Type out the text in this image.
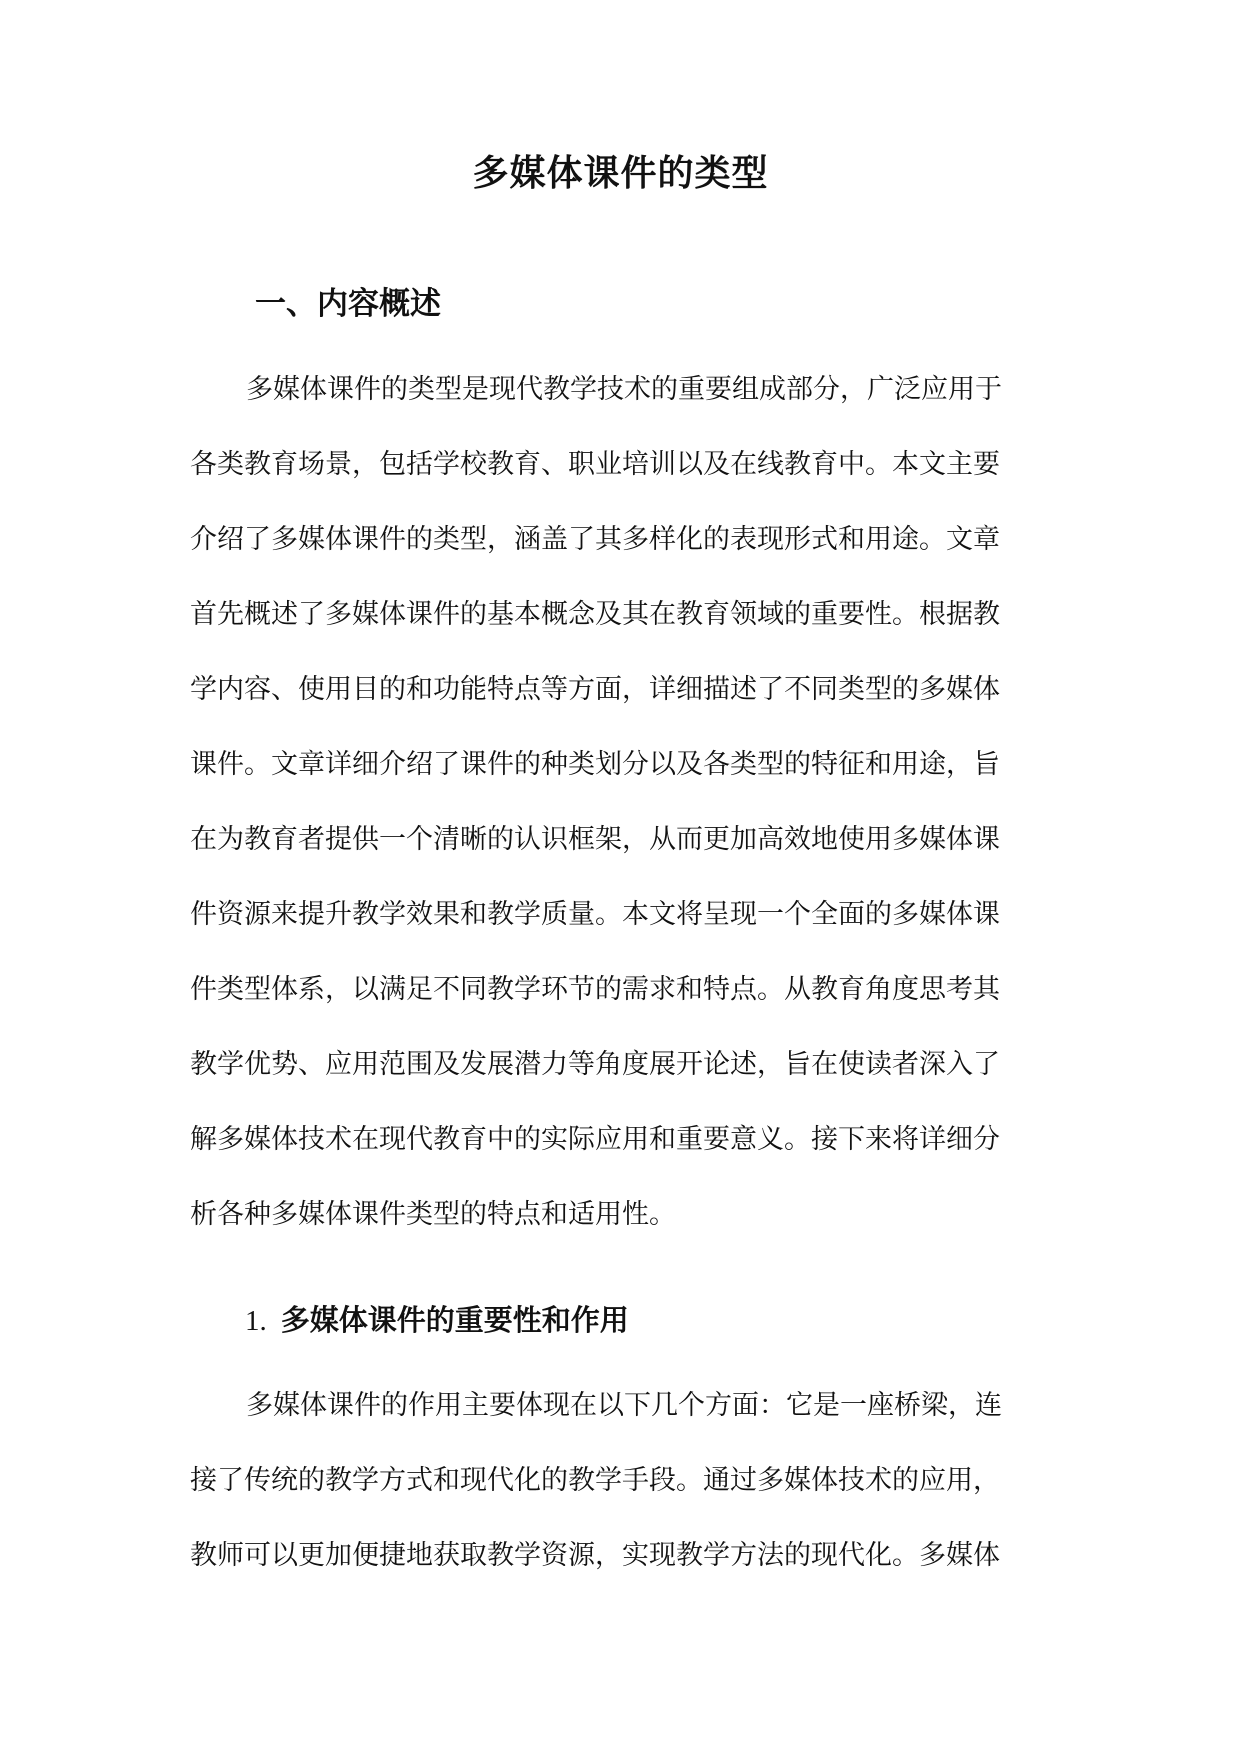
多媒体课件的类型
一、内容概述
多媒体课件的类型是现代教学技术的重要组成部分，广泛应用于
各类教育场景，包括学校教育、职业培训以及在线教育中。本文主要
介绍了多媒体课件的类型，涵盖了其多样化的表现形式和用途。文章
首先概述了多媒体课件的基本概念及其在教育领域的重要性。根据教
学内容、使用目的和功能特点等方面，详细描述了不同类型的多媒体
课件。文章详细介绍了课件的种类划分以及各类型的特征和用途，旨
在为教育者提供一个清晰的认识框架，从而更加高效地使用多媒体课
件资源来提升教学效果和教学质量。本文将呈现一个全面的多媒体课
件类型体系，以满足不同教学环节的需求和特点。从教育角度思考其
教学优势、应用范围及发展潜力等角度展开论述，旨在使读者深入了
解多媒体技术在现代教育中的实际应用和重要意义。接下来将详细分
析各种多媒体课件类型的特点和适用性。
1. 多媒体课件的重要性和作用
多媒体课件的作用主要体现在以下几个方面：它是一座桥梁，连
接了传统的教学方式和现代化的教学手段。通过多媒体技术的应用，
教师可以更加便捷地获取教学资源，实现教学方法的现代化。多媒体
